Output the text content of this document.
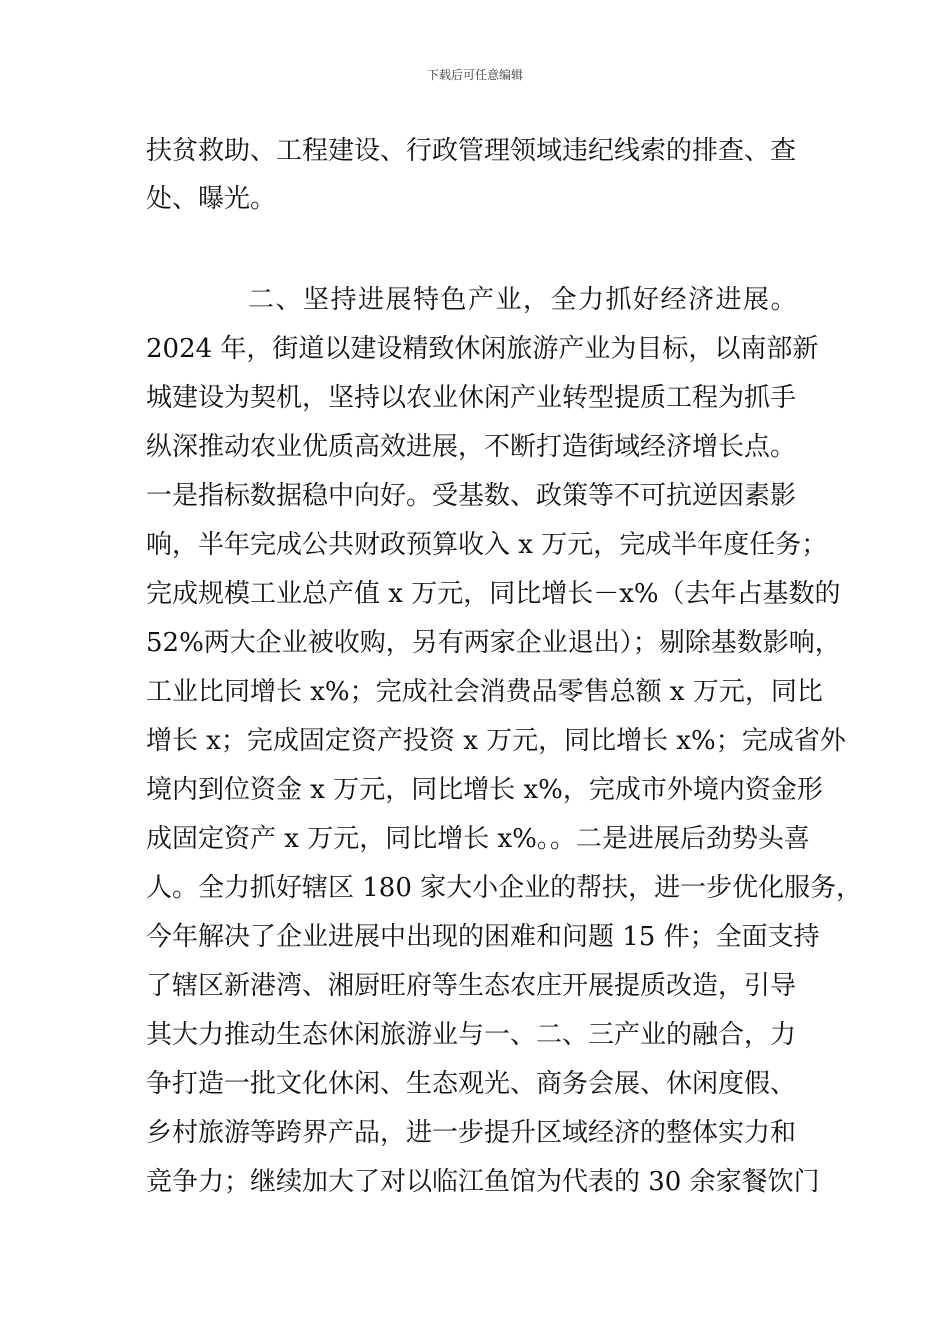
下载后可任意编辑
扶贫救助、工程建设、行政管理领域违纪线索的排查、查
处、曝光。
二、坚持进展特色产业，全力抓好经济进展。
2024 年，街道以建设精致休闲旅游产业为目标，以南部新
城建设为契机，坚持以农业休闲产业转型提质工程为抓手
纵深推动农业优质高效进展，不断打造街域经济增长点。
一是指标数据稳中向好。受基数、政策等不可抗逆因素影
响，半年完成公共财政预算收入 x 万元，完成半年度任务；
完成规模工业总产值 x 万元，同比增长－x%（去年占基数的
52%两大企业被收购，另有两家企业退出）；剔除基数影响，
工业比同增长 x%；完成社会消费品零售总额 x 万元，同比
增长 x；完成固定资产投资 x 万元，同比增长 x%；完成省外
境内到位资金 x 万元，同比增长 x%，完成市外境内资金形
成固定资产 x 万元，同比增长 x%。。二是进展后劲势头喜
人。全力抓好辖区 180 家大小企业的帮扶，进一步优化服务，
今年解决了企业进展中出现的困难和问题 15 件；全面支持
了辖区新港湾、湘厨旺府等生态农庄开展提质改造，引导
其大力推动生态休闲旅游业与一、二、三产业的融合，力
争打造一批文化休闲、生态观光、商务会展、休闲度假、
乡村旅游等跨界产品，进一步提升区域经济的整体实力和
竞争力；继续加大了对以临江鱼馆为代表的 30 余家餐饮门
